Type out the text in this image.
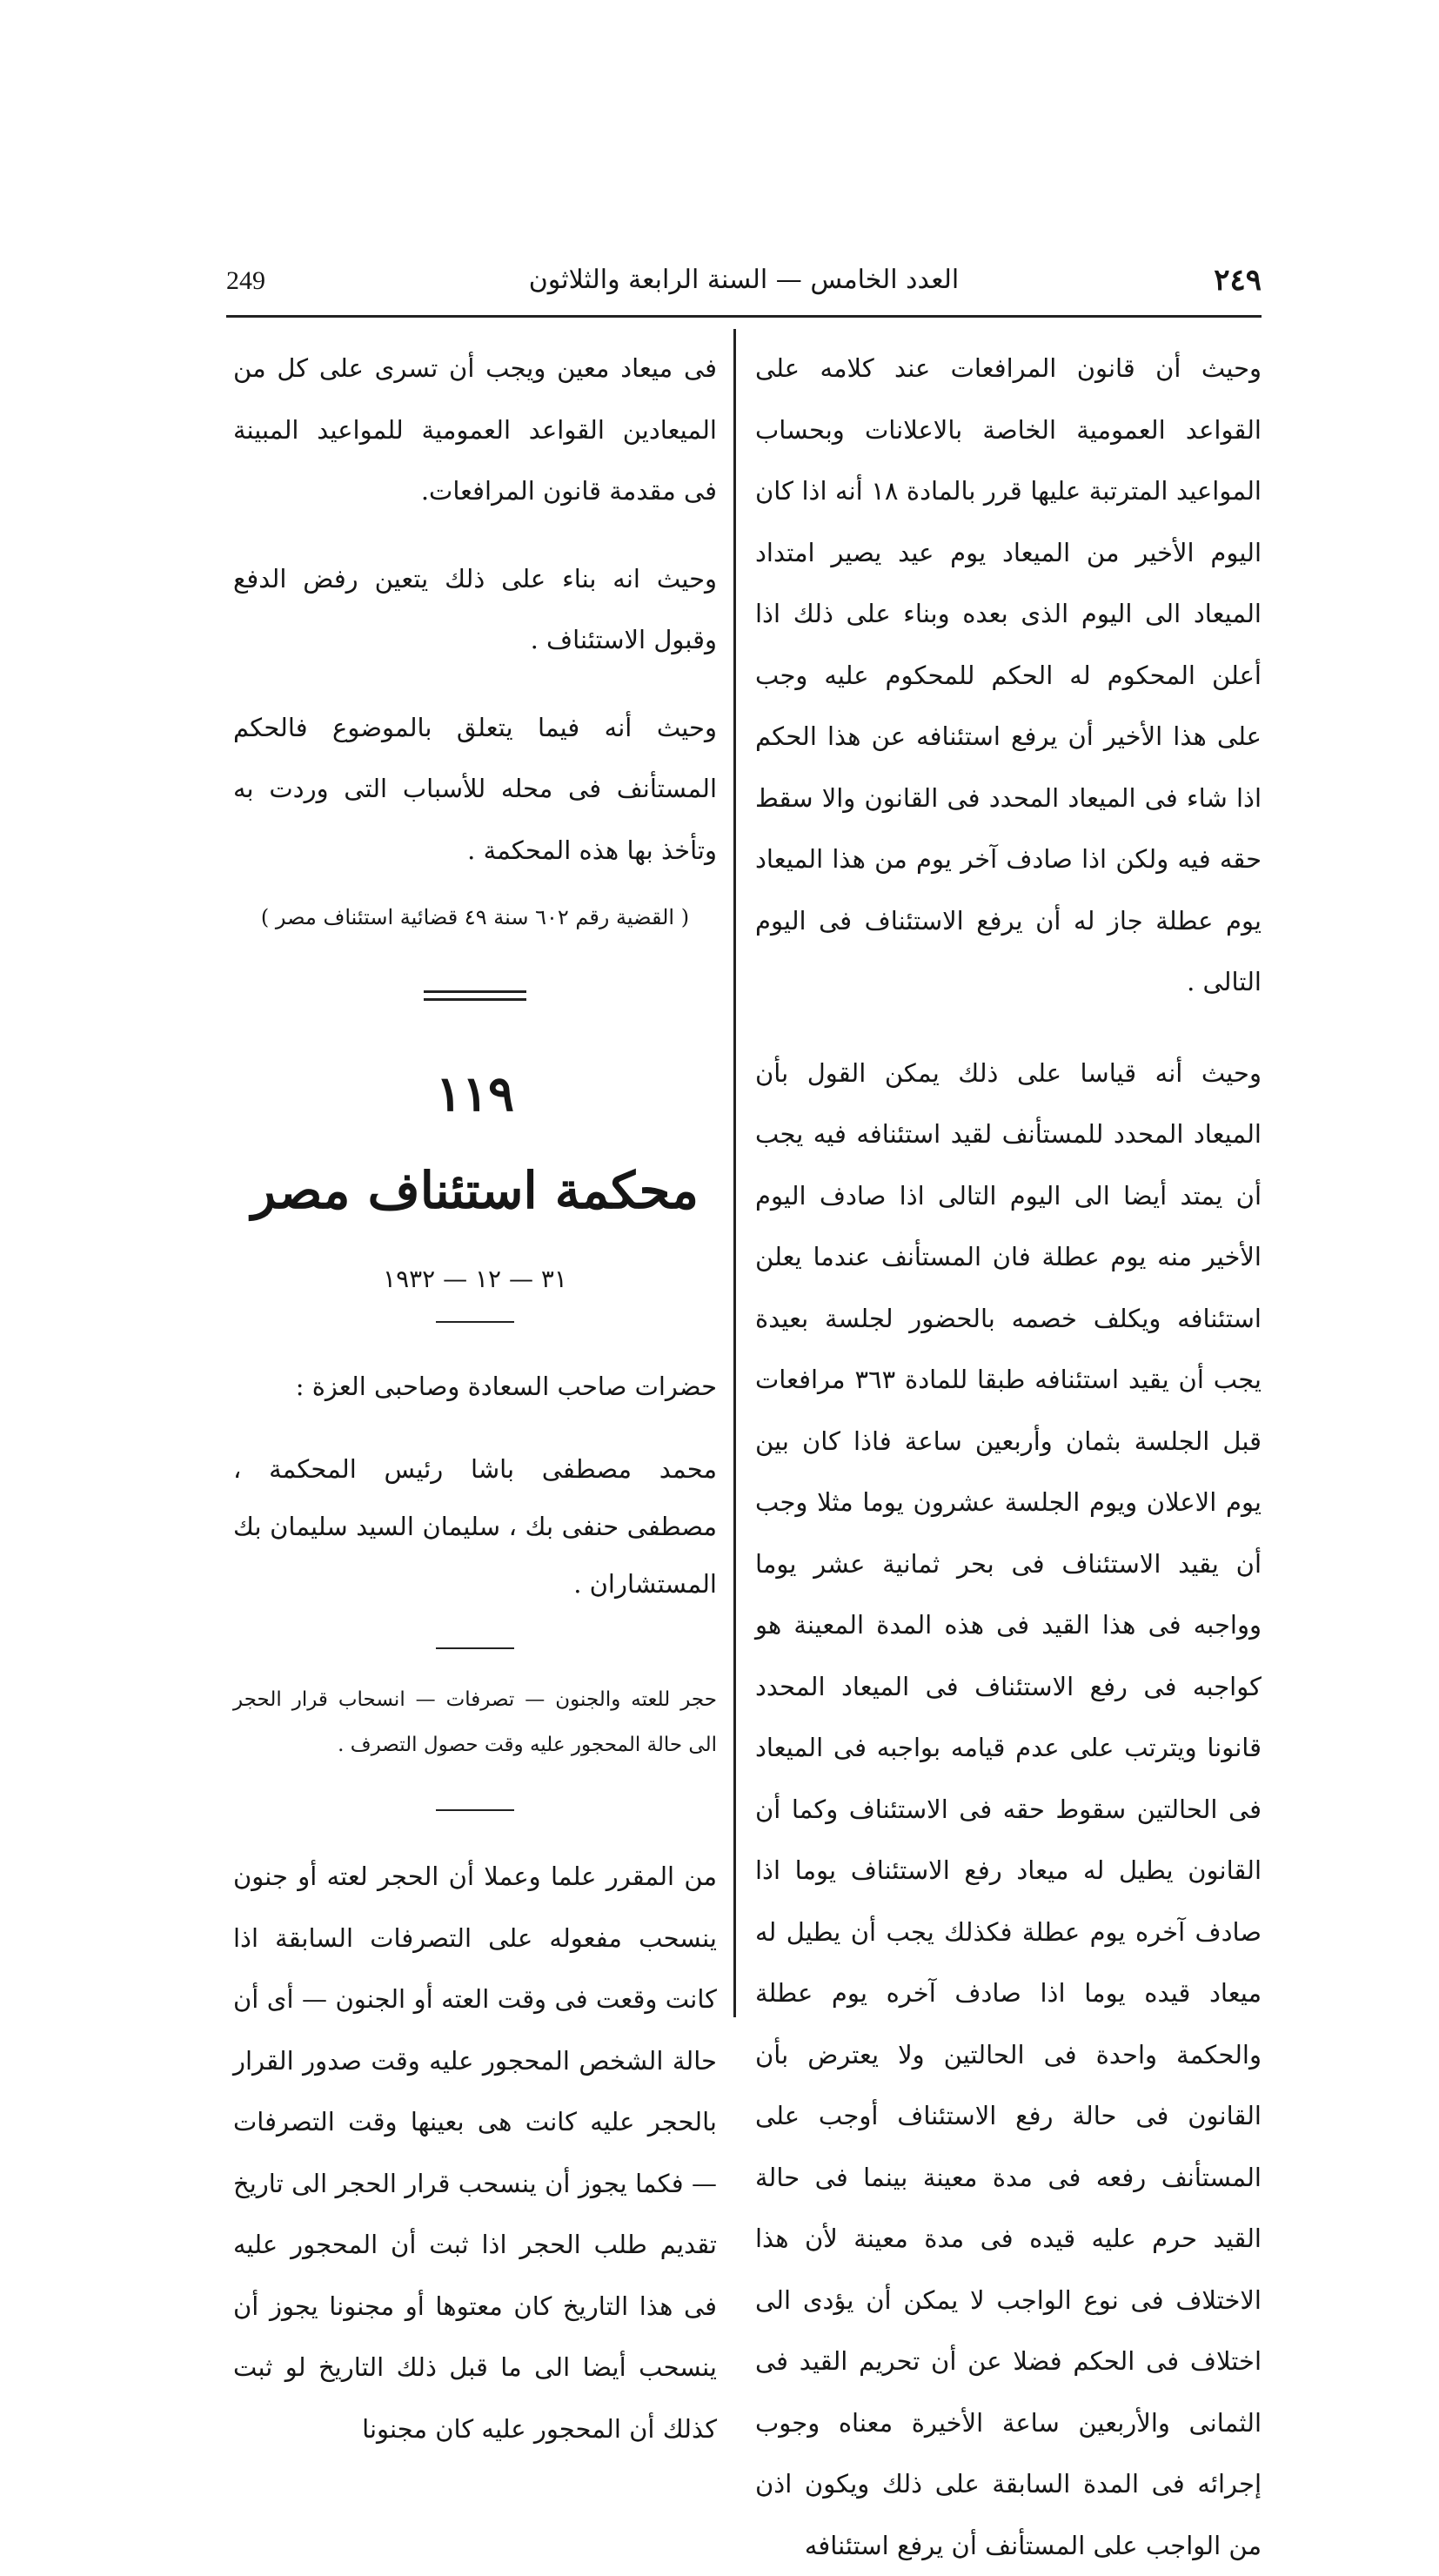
٢٤٩
العدد الخامس — السنة الرابعة والثلاثون
249

وحيث أن قانون المرافعات عند كلامه على القواعد العمومية الخاصة بالاعلانات وبحساب المواعيد المترتبة عليها قرر بالمادة ١٨ أنه اذا كان اليوم الأخير من الميعاد يوم عيد يصير امتداد الميعاد الى اليوم الذى بعده وبناء على ذلك اذا أعلن المحكوم له الحكم للمحكوم عليه وجب على هذا الأخير أن يرفع استئنافه عن هذا الحكم اذا شاء فى الميعاد المحدد فى القانون والا سقط حقه فيه ولكن اذا صادف آخر يوم من هذا الميعاد يوم عطلة جاز له أن يرفع الاستئناف فى اليوم التالى .

وحيث أنه قياسا على ذلك يمكن القول بأن الميعاد المحدد للمستأنف لقيد استئنافه فيه يجب أن يمتد أيضا الى اليوم التالى اذا صادف اليوم الأخير منه يوم عطلة فان المستأنف عندما يعلن استئنافه ويكلف خصمه بالحضور لجلسة بعيدة يجب أن يقيد استئنافه طبقا للمادة ٣٦٣ مرافعات قبل الجلسة بثمان وأربعين ساعة فاذا كان بين يوم الاعلان ويوم الجلسة عشرون يوما مثلا وجب أن يقيد الاستئناف فى بحر ثمانية عشر يوما وواجبه فى هذا القيد فى هذه المدة المعينة هو كواجبه فى رفع الاستئناف فى الميعاد المحدد قانونا ويترتب على عدم قيامه بواجبه فى الميعاد فى الحالتين سقوط حقه فى الاستئناف وكما أن القانون يطيل له ميعاد رفع الاستئناف يوما اذا صادف آخره يوم عطلة فكذلك يجب أن يطيل له ميعاد قيده يوما اذا صادف آخره يوم عطلة والحكمة واحدة فى الحالتين ولا يعترض بأن القانون فى حالة رفع الاستئناف أوجب على المستأنف رفعه فى مدة معينة بينما فى حالة القيد حرم عليه قيده فى مدة معينة لأن هذا الاختلاف فى نوع الواجب لا يمكن أن يؤدى الى اختلاف فى الحكم فضلا عن أن تحريم القيد فى الثمانى والأربعين ساعة الأخيرة معناه وجوب إجرائه فى المدة السابقة على ذلك ويكون اذن من الواجب على المستأنف أن يرفع استئنافه

فى ميعاد معين ويجب أن تسرى على كل من الميعادين القواعد العمومية للمواعيد المبينة فى مقدمة قانون المرافعات.

وحيث انه بناء على ذلك يتعين رفض الدفع وقبول الاستئناف .

وحيث أنه فيما يتعلق بالموضوع فالحكم المستأنف فى محله للأسباب التى وردت به وتأخذ بها هذه المحكمة .

( القضية رقم ٦٠٢ سنة ٤٩ قضائية استئناف مصر )
١١٩
محكمة استئناف مصر
٣١ — ١٢ — ١٩٣٢

حضرات صاحب السعادة وصاحبى العزة :

محمد مصطفى باشا رئيس المحكمة ، مصطفى حنفى بك ، سليمان السيد سليمان بك المستشاران .

حجر للعته والجنون — تصرفات — انسحاب قرار الحجر الى حالة المحجور عليه وقت حصول التصرف .

من المقرر علما وعملا أن الحجر لعته أو جنون ينسحب مفعوله على التصرفات السابقة اذا كانت وقعت فى وقت العته أو الجنون — أى أن حالة الشخص المحجور عليه وقت صدور القرار بالحجر عليه كانت هى بعينها وقت التصرفات — فكما يجوز أن ينسحب قرار الحجر الى تاريخ تقديم طلب الحجر اذا ثبت أن المحجور عليه فى هذا التاريخ كان معتوها أو مجنونا يجوز أن ينسحب أيضا الى ما قبل ذلك التاريخ لو ثبت كذلك أن المحجور عليه كان مجنونا
